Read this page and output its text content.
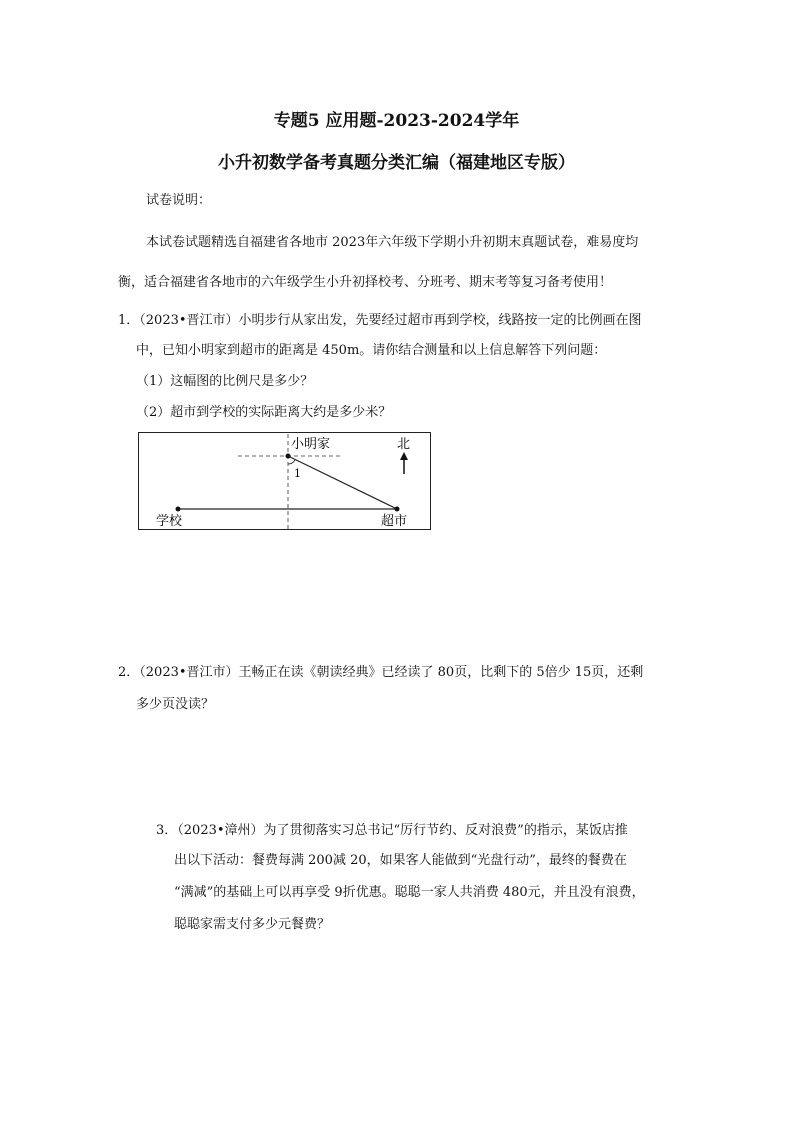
专题5 应用题-2023-2024学年
小升初数学备考真题分类汇编（福建地区专版）
试卷说明：
本试卷试题精选自福建省各地市 2023年六年级下学期小升初期末真题试卷，难易度均
衡，适合福建省各地市的六年级学生小升初择校考、分班考、期末考等复习备考使用！
1．（2023•晋江市）小明步行从家出发，先要经过超市再到学校，线路按一定的比例画在图
中，已知小明家到超市的距离是 450m。请你结合测量和以上信息解答下列问题：
（1）这幅图的比例尺是多少？
（2）超市到学校的实际距离大约是多少米？
小明家	北
1
学校	超市
2．（2023•晋江市）王畅正在读《朝读经典》已经读了 80页，比剩下的 5倍少 15页，还剩
多少页没读？
3．（2023•漳州）为了贯彻落实习总书记“厉行节约、反对浪费”的指示，某饭店推
出以下活动：餐费每满 200减 20，如果客人能做到“光盘行动”，最终的餐费在
“满减”的基础上可以再享受 9折优惠。聪聪一家人共消费 480元，并且没有浪费，
聪聪家需支付多少元餐费？
